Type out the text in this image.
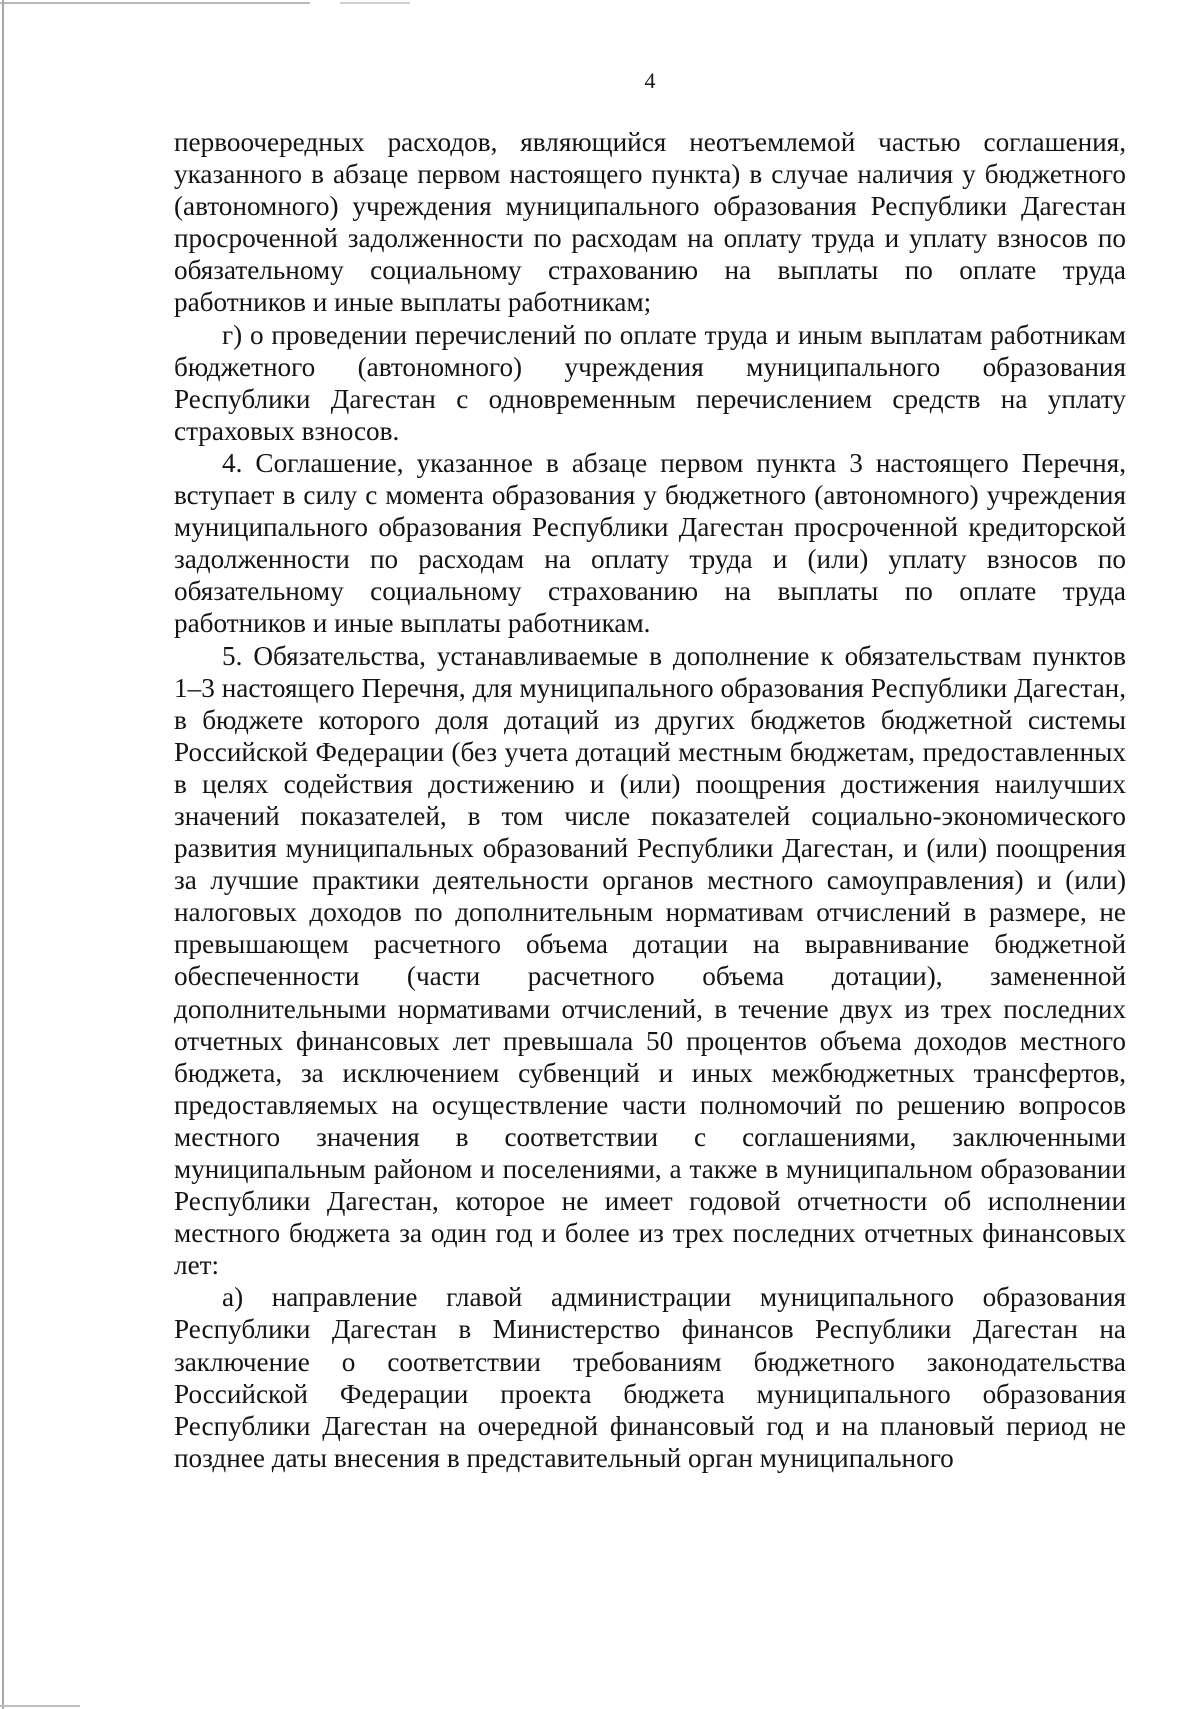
4

первоочередных расходов, являющийся неотъемлемой частью соглашения, указанного в абзаце первом настоящего пункта) в случае наличия у бюджетного (автономного) учреждения муниципального образования Республики Дагестан просроченной задолженности по расходам на оплату труда и уплату взносов по обязательному социальному страхованию на выплаты по оплате труда работников и иные выплаты работникам;

г) о проведении перечислений по оплате труда и иным выплатам работникам бюджетного (автономного) учреждения муниципального образования Республики Дагестан с одновременным перечислением средств на уплату страховых взносов.

4. Соглашение, указанное в абзаце первом пункта 3 настоящего Перечня, вступает в силу с момента образования у бюджетного (автономного) учреждения муниципального образования Республики Дагестан просроченной кредиторской задолженности по расходам на оплату труда и (или) уплату взносов по обязательному социальному страхованию на выплаты по оплате труда работников и иные выплаты работникам.

5. Обязательства, устанавливаемые в дополнение к обязательствам пунктов 1–3 настоящего Перечня, для муниципального образования Республики Дагестан, в бюджете которого доля дотаций из других бюджетов бюджетной системы Российской Федерации (без учета дотаций местным бюджетам, предоставленных в целях содействия достижению и (или) поощрения достижения наилучших значений показателей, в том числе показателей социально-экономического развития муниципальных образований Республики Дагестан, и (или) поощрения за лучшие практики деятельности органов местного самоуправления) и (или) налоговых доходов по дополнительным нормативам отчислений в размере, не превышающем расчетного объема дотации на выравнивание бюджетной обеспеченности (части расчетного объема дотации), замененной дополнительными нормативами отчислений, в течение двух из трех последних отчетных финансовых лет превышала 50 процентов объема доходов местного бюджета, за исключением субвенций и иных межбюджетных трансфертов, предоставляемых на осуществление части полномочий по решению вопросов местного значения в соответствии с соглашениями, заключенными муниципальным районом и поселениями, а также в муниципальном образовании Республики Дагестан, которое не имеет годовой отчетности об исполнении местного бюджета за один год и более из трех последних отчетных финансовых лет:

а) направление главой администрации муниципального образования Республики Дагестан в Министерство финансов Республики Дагестан на заключение о соответствии требованиям бюджетного законодательства Российской Федерации проекта бюджета муниципального образования Республики Дагестан на очередной финансовый год и на плановый период не позднее даты внесения в представительный орган муниципального
